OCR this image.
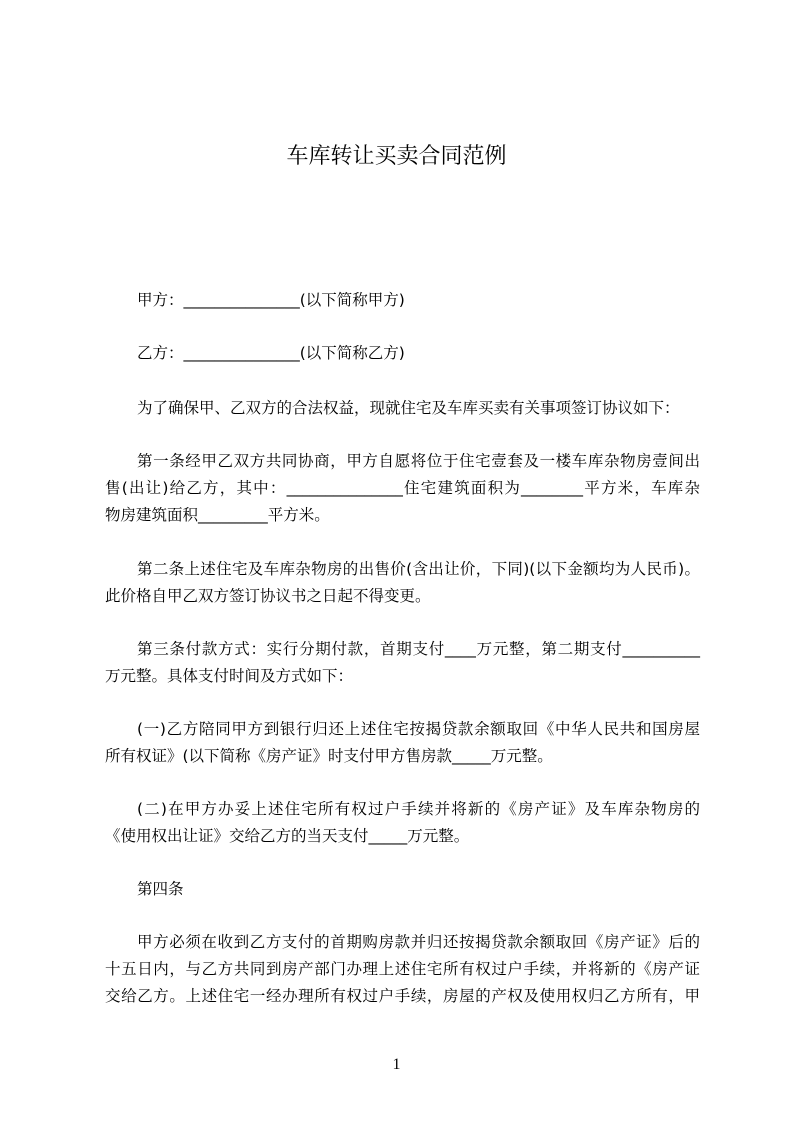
车库转让买卖合同范例
甲方：_______________(以下简称甲方)
乙方：_______________(以下简称乙方)
为了确保甲、乙双方的合法权益，现就住宅及车库买卖有关事项签订协议如下：
第一条经甲乙双方共同协商，甲方自愿将位于住宅壹套及一楼车库杂物房壹间出
售(出让)给乙方，其中：_______________住宅建筑面积为________平方米，车库杂
物房建筑面积_________平方米。
第二条上述住宅及车库杂物房的出售价(含出让价，下同)(以下金额均为人民币)。
此价格自甲乙双方签订协议书之日起不得变更。
第三条付款方式：实行分期付款，首期支付____万元整，第二期支付__________
万元整。具体支付时间及方式如下：
(一)乙方陪同甲方到银行归还上述住宅按揭贷款余额取回《中华人民共和国房屋
所有权证》(以下简称《房产证》时支付甲方售房款_____万元整。
(二)在甲方办妥上述住宅所有权过户手续并将新的《房产证》及车库杂物房的
《使用权出让证》交给乙方的当天支付_____万元整。
第四条
甲方必须在收到乙方支付的首期购房款并归还按揭贷款余额取回《房产证》后的
十五日内，与乙方共同到房产部门办理上述住宅所有权过户手续，并将新的《房产证
交给乙方。上述住宅一经办理所有权过户手续，房屋的产权及使用权归乙方所有，甲
1
